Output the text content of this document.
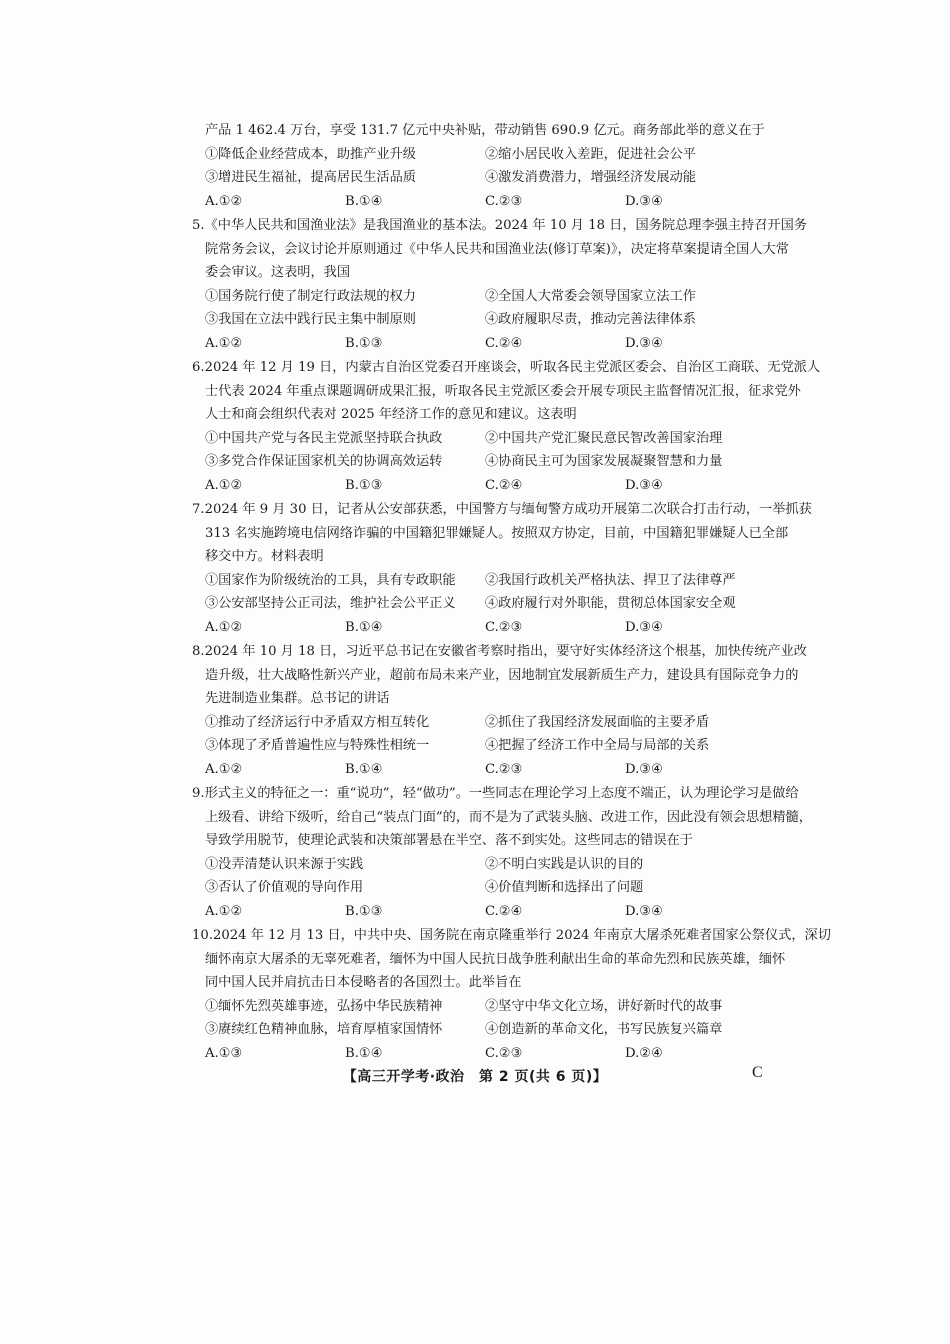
产品 1 462.4 万台，享受 131.7 亿元中央补贴，带动销售 690.9 亿元。商务部此举的意义在于
①降低企业经营成本，助推产业升级	②缩小居民收入差距，促进社会公平
③增进民生福祉，提高居民生活品质	④激发消费潜力，增强经济发展动能
A.①②	B.①④	C.②③	D.③④
5.《中华人民共和国渔业法》是我国渔业的基本法。2024 年 10 月 18 日，国务院总理李强主持召开国务
院常务会议，会议讨论并原则通过《中华人民共和国渔业法(修订草案)》，决定将草案提请全国人大常
委会审议。这表明，我国
①国务院行使了制定行政法规的权力	②全国人大常委会领导国家立法工作
③我国在立法中践行民主集中制原则	④政府履职尽责，推动完善法律体系
A.①②	B.①③	C.②④	D.③④
6.2024 年 12 月 19 日，内蒙古自治区党委召开座谈会，听取各民主党派区委会、自治区工商联、无党派人
士代表 2024 年重点课题调研成果汇报，听取各民主党派区委会开展专项民主监督情况汇报，征求党外
人士和商会组织代表对 2025 年经济工作的意见和建议。这表明
①中国共产党与各民主党派坚持联合执政	②中国共产党汇聚民意民智改善国家治理
③多党合作保证国家机关的协调高效运转	④协商民主可为国家发展凝聚智慧和力量
A.①②	B.①③	C.②④	D.③④
7.2024 年 9 月 30 日，记者从公安部获悉，中国警方与缅甸警方成功开展第二次联合打击行动，一举抓获
313 名实施跨境电信网络诈骗的中国籍犯罪嫌疑人。按照双方协定，目前，中国籍犯罪嫌疑人已全部
移交中方。材料表明
①国家作为阶级统治的工具，具有专政职能	②我国行政机关严格执法、捍卫了法律尊严
③公安部坚持公正司法，维护社会公平正义	④政府履行对外职能，贯彻总体国家安全观
A.①②	B.①④	C.②③	D.③④
8.2024 年 10 月 18 日，习近平总书记在安徽省考察时指出，要守好实体经济这个根基，加快传统产业改
造升级，壮大战略性新兴产业，超前布局未来产业，因地制宜发展新质生产力，建设具有国际竞争力的
先进制造业集群。总书记的讲话
①推动了经济运行中矛盾双方相互转化	②抓住了我国经济发展面临的主要矛盾
③体现了矛盾普遍性应与特殊性相统一	④把握了经济工作中全局与局部的关系
A.①②	B.①④	C.②③	D.③④
9.形式主义的特征之一：重“说功”，轻“做功”。一些同志在理论学习上态度不端正，认为理论学习是做给
上级看、讲给下级听，给自己“装点门面”的，而不是为了武装头脑、改进工作，因此没有领会思想精髓，
导致学用脱节，使理论武装和决策部署悬在半空、落不到实处。这些同志的错误在于
①没弄清楚认识来源于实践	②不明白实践是认识的目的
③否认了价值观的导向作用	④价值判断和选择出了问题
A.①②	B.①③	C.②④	D.③④
10.2024 年 12 月 13 日，中共中央、国务院在南京隆重举行 2024 年南京大屠杀死难者国家公祭仪式，深切
缅怀南京大屠杀的无辜死难者，缅怀为中国人民抗日战争胜利献出生命的革命先烈和民族英雄，缅怀
同中国人民并肩抗击日本侵略者的各国烈士。此举旨在
①缅怀先烈英雄事迹，弘扬中华民族精神	②坚守中华文化立场，讲好新时代的故事
③赓续红色精神血脉，培育厚植家国情怀	④创造新的革命文化，书写民族复兴篇章
A.①③	B.①④	C.②③	D.②④
【高三开学考·政治　第 2 页(共 6 页)】	C
